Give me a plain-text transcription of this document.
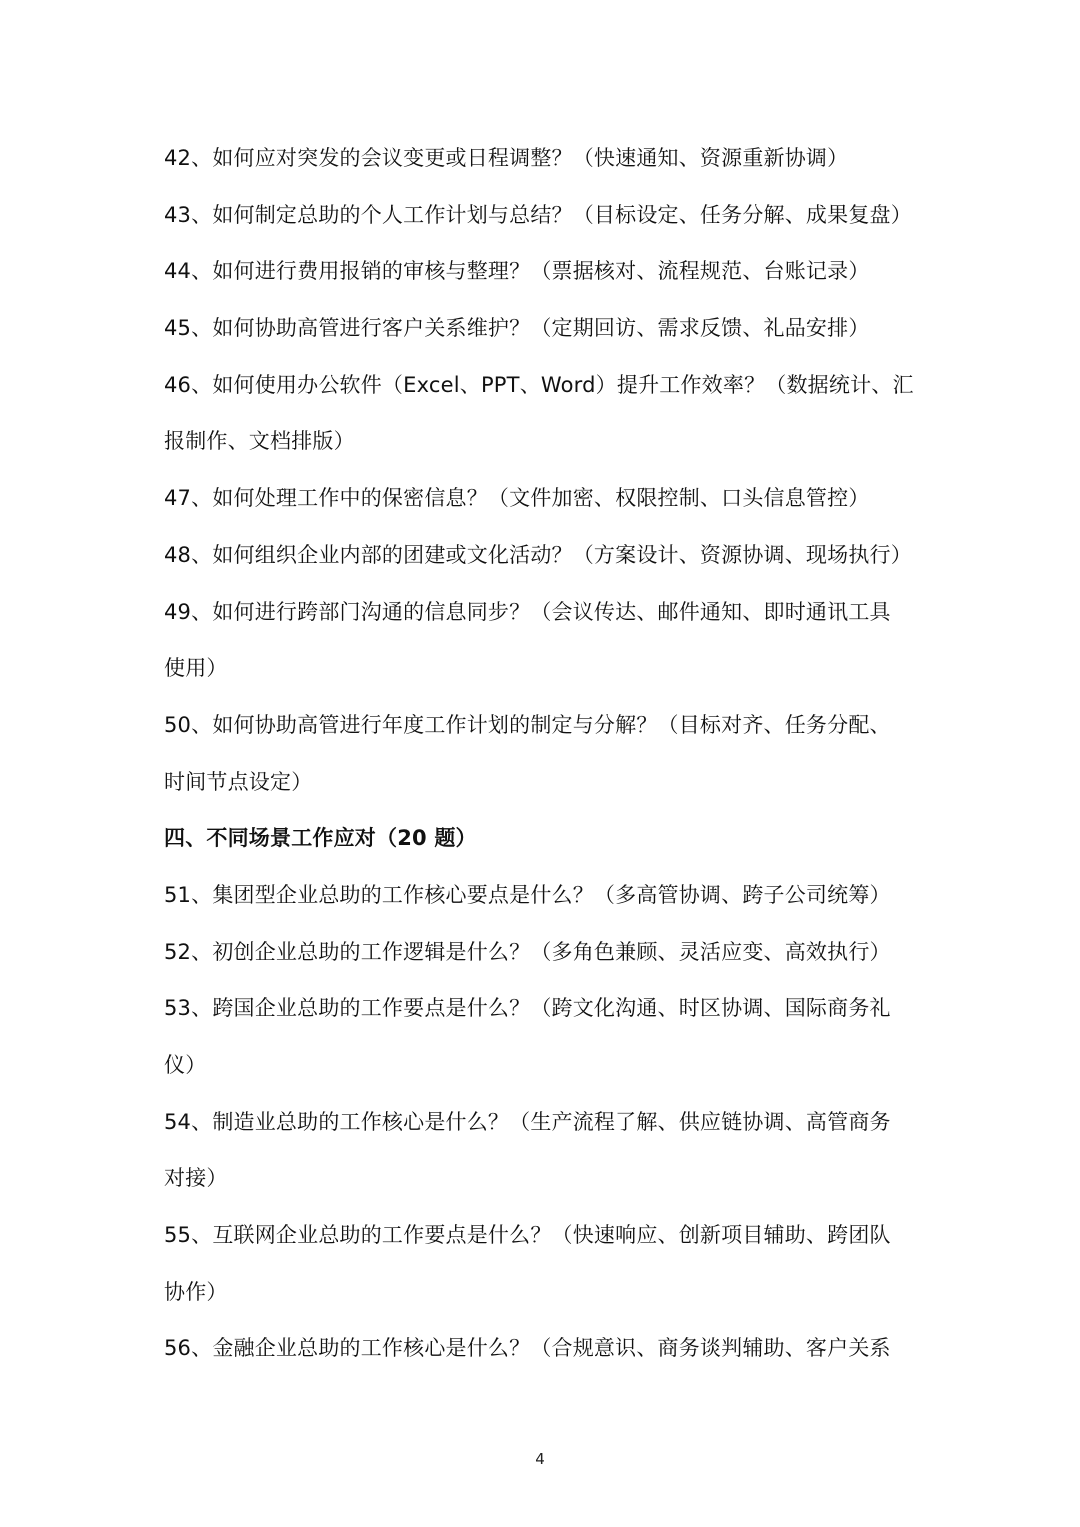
42、如何应对突发的会议变更或日程调整？（快速通知、资源重新协调）
43、如何制定总助的个人工作计划与总结？（目标设定、任务分解、成果复盘）
44、如何进行费用报销的审核与整理？（票据核对、流程规范、台账记录）
45、如何协助高管进行客户关系维护？（定期回访、需求反馈、礼品安排）
46、如何使用办公软件（Excel、PPT、Word）提升工作效率？（数据统计、汇
报制作、文档排版）
47、如何处理工作中的保密信息？（文件加密、权限控制、口头信息管控）
48、如何组织企业内部的团建或文化活动？（方案设计、资源协调、现场执行）
49、如何进行跨部门沟通的信息同步？（会议传达、邮件通知、即时通讯工具
使用）
50、如何协助高管进行年度工作计划的制定与分解？（目标对齐、任务分配、
时间节点设定）
四、不同场景工作应对（20 题）
51、集团型企业总助的工作核心要点是什么？（多高管协调、跨子公司统筹）
52、初创企业总助的工作逻辑是什么？（多角色兼顾、灵活应变、高效执行）
53、跨国企业总助的工作要点是什么？（跨文化沟通、时区协调、国际商务礼
仪）
54、制造业总助的工作核心是什么？（生产流程了解、供应链协调、高管商务
对接）
55、互联网企业总助的工作要点是什么？（快速响应、创新项目辅助、跨团队
协作）
56、金融企业总助的工作核心是什么？（合规意识、商务谈判辅助、客户关系
4
